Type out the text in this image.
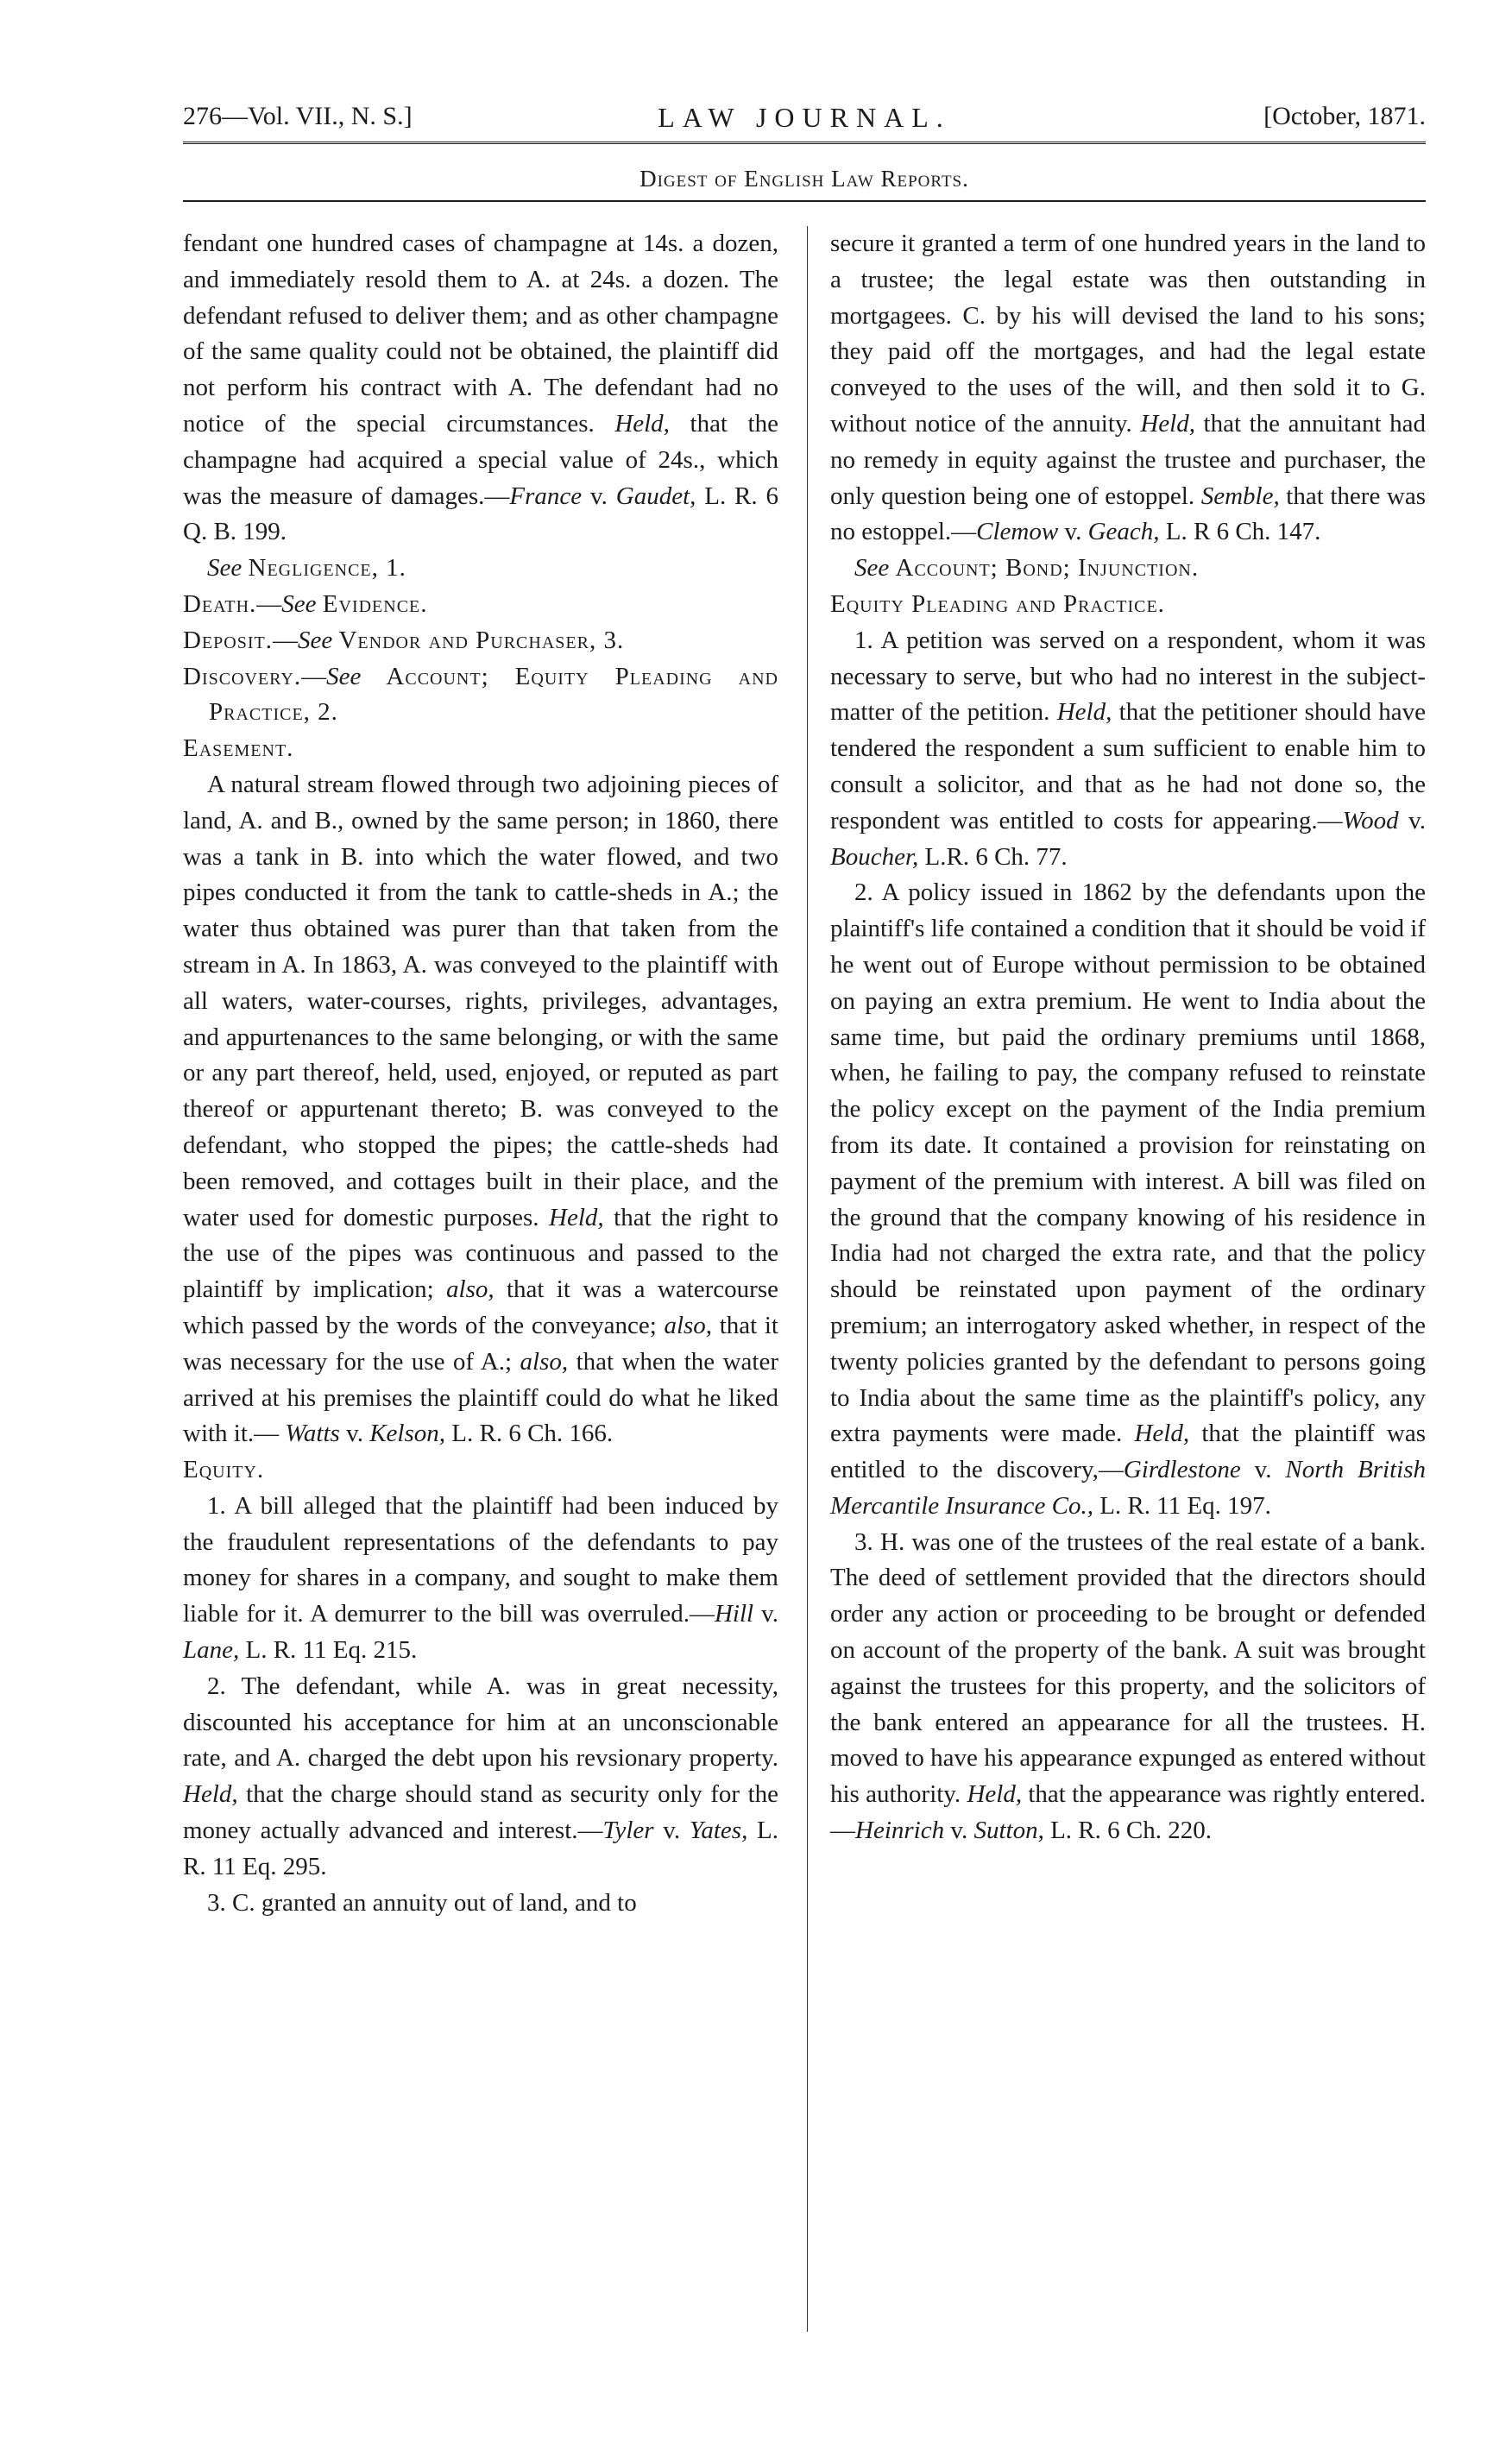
276—Vol. VII., N. S.]	LAW JOURNAL.	[October, 1871.
Digest of English Law Reports.

fendant one hundred cases of champagne at 14s. a dozen, and immediately resold them to A. at 24s. a dozen. The defendant refused to deliver them; and as other champagne of the same quality could not be obtained, the plaintiff did not perform his contract with A. The defendant had no notice of the special circumstances. Held, that the champagne had acquired a special value of 24s., which was the measure of damages.—France v. Gaudet, L. R. 6 Q. B. 199.

See Negligence, 1.

Death.—See Evidence.

Deposit.—See Vendor and Purchaser, 3.

Discovery.—See Account; Equity Pleading and Practice, 2.

Easement.

A natural stream flowed through two adjoining pieces of land, A. and B., owned by the same person; in 1860, there was a tank in B. into which the water flowed, and two pipes conducted it from the tank to cattle-sheds in A.; the water thus obtained was purer than that taken from the stream in A. In 1863, A. was conveyed to the plaintiff with all waters, water-courses, rights, privileges, advantages, and appurtenances to the same belonging, or with the same or any part thereof, held, used, enjoyed, or reputed as part thereof or appurtenant thereto; B. was conveyed to the defendant, who stopped the pipes; the cattle-sheds had been removed, and cottages built in their place, and the water used for domestic purposes. Held, that the right to the use of the pipes was continuous and passed to the plaintiff by implication; also, that it was a watercourse which passed by the words of the conveyance; also, that it was necessary for the use of A.; also, that when the water arrived at his premises the plaintiff could do what he liked with it.— Watts v. Kelson, L. R. 6 Ch. 166.

Equity.

1. A bill alleged that the plaintiff had been induced by the fraudulent representations of the defendants to pay money for shares in a company, and sought to make them liable for it. A demurrer to the bill was overruled.—Hill v. Lane, L. R. 11 Eq. 215.

2. The defendant, while A. was in great necessity, discounted his acceptance for him at an unconscionable rate, and A. charged the debt upon his revsionary property. Held, that the charge should stand as security only for the money actually advanced and interest.—Tyler v. Yates, L. R. 11 Eq. 295.

3. C. granted an annuity out of land, and to

secure it granted a term of one hundred years in the land to a trustee; the legal estate was then outstanding in mortgagees. C. by his will devised the land to his sons; they paid off the mortgages, and had the legal estate conveyed to the uses of the will, and then sold it to G. without notice of the annuity. Held, that the annuitant had no remedy in equity against the trustee and purchaser, the only question being one of estoppel. Semble, that there was no estoppel.—Clemow v. Geach, L. R 6 Ch. 147.

See Account; Bond; Injunction.

Equity Pleading and Practice.

1. A petition was served on a respondent, whom it was necessary to serve, but who had no interest in the subject-matter of the petition. Held, that the petitioner should have tendered the respondent a sum sufficient to enable him to consult a solicitor, and that as he had not done so, the respondent was entitled to costs for appearing.—Wood v. Boucher, L.R. 6 Ch. 77.

2. A policy issued in 1862 by the defendants upon the plaintiff's life contained a condition that it should be void if he went out of Europe without permission to be obtained on paying an extra premium. He went to India about the same time, but paid the ordinary premiums until 1868, when, he failing to pay, the company refused to reinstate the policy except on the payment of the India premium from its date. It contained a provision for reinstating on payment of the premium with interest. A bill was filed on the ground that the company knowing of his residence in India had not charged the extra rate, and that the policy should be reinstated upon payment of the ordinary premium; an interrogatory asked whether, in respect of the twenty policies granted by the defendant to persons going to India about the same time as the plaintiff's policy, any extra payments were made. Held, that the plaintiff was entitled to the discovery,—Girdlestone v. North British Mercantile Insurance Co., L. R. 11 Eq. 197.

3. H. was one of the trustees of the real estate of a bank. The deed of settlement provided that the directors should order any action or proceeding to be brought or defended on account of the property of the bank. A suit was brought against the trustees for this property, and the solicitors of the bank entered an appearance for all the trustees. H. moved to have his appearance expunged as entered without his authority. Held, that the appearance was rightly entered.—Heinrich v. Sutton, L. R. 6 Ch. 220.
